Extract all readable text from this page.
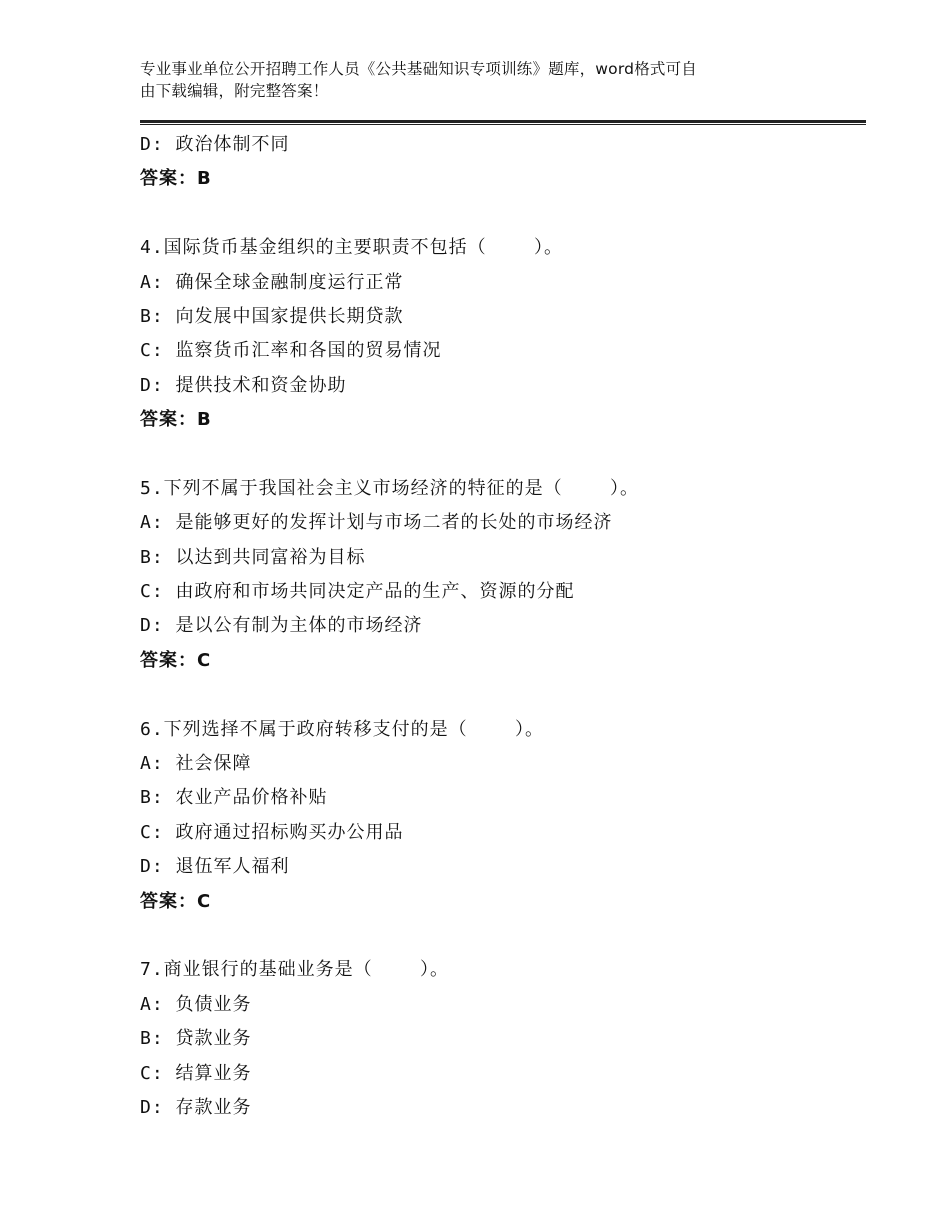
专业事业单位公开招聘工作人员《公共基础知识专项训练》题库，word格式可自
由下载编辑，附完整答案！
D: 政治体制不同
答案：B
4.国际货币基金组织的主要职责不包括（    ）。
A: 确保全球金融制度运行正常
B: 向发展中国家提供长期贷款
C: 监察货币汇率和各国的贸易情况
D: 提供技术和资金协助
答案：B
5.下列不属于我国社会主义市场经济的特征的是（    ）。
A: 是能够更好的发挥计划与市场二者的长处的市场经济
B: 以达到共同富裕为目标
C: 由政府和市场共同决定产品的生产、资源的分配
D: 是以公有制为主体的市场经济
答案：C
6.下列选择不属于政府转移支付的是（    ）。
A: 社会保障
B: 农业产品价格补贴
C: 政府通过招标购买办公用品
D: 退伍军人福利
答案：C
7.商业银行的基础业务是（    ）。
A: 负债业务
B: 贷款业务
C: 结算业务
D: 存款业务
